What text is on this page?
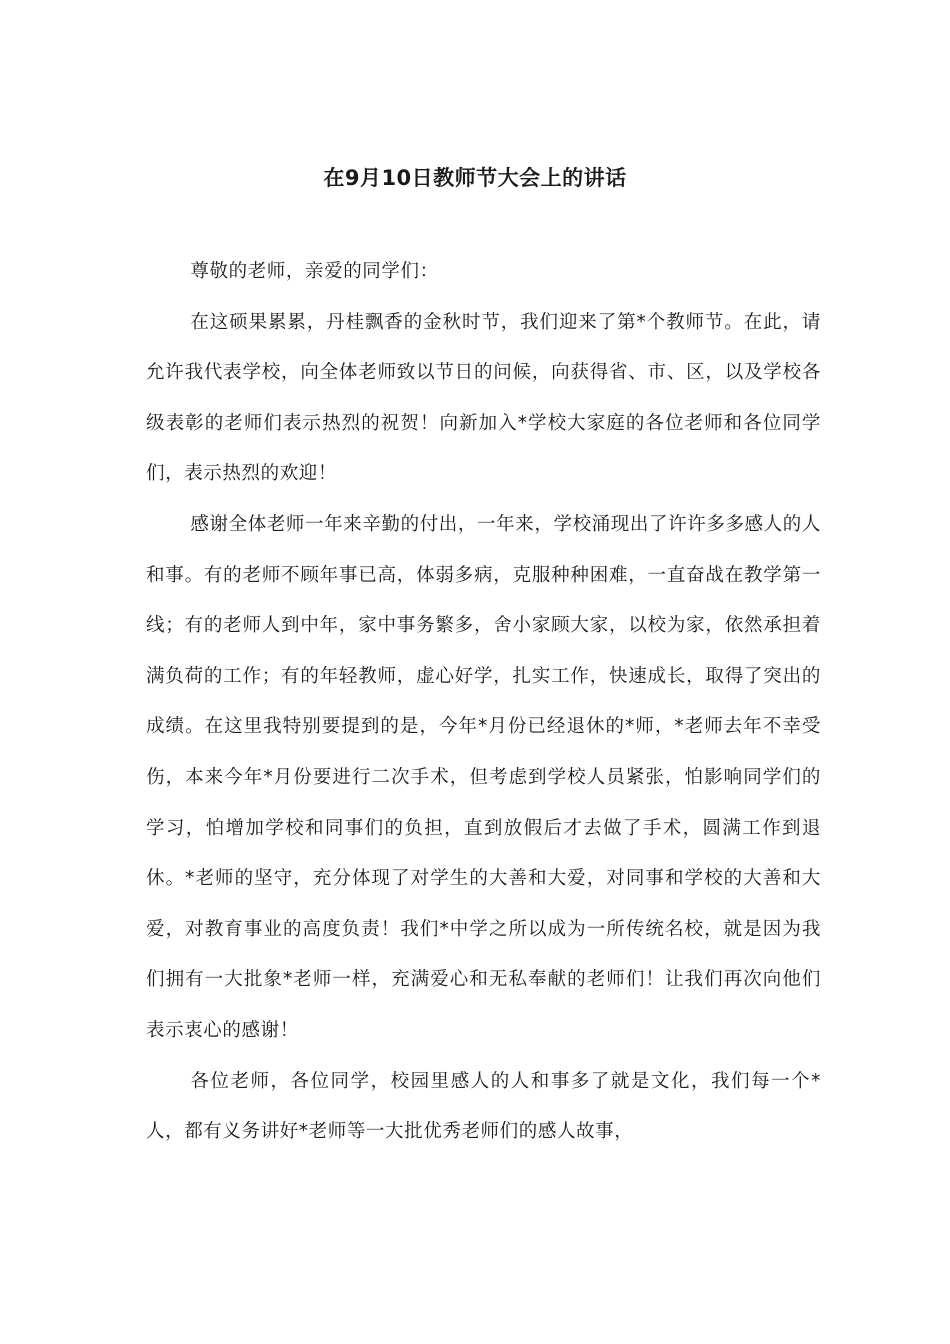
在9月10日教师节大会上的讲话

尊敬的老师，亲爱的同学们：

在这硕果累累，丹桂飘香的金秋时节，我们迎来了第*个教师节。在此，请允许我代表学校，向全体老师致以节日的问候，向获得省、市、区，以及学校各级表彰的老师们表示热烈的祝贺！向新加入*学校大家庭的各位老师和各位同学们，表示热烈的欢迎！

感谢全体老师一年来辛勤的付出，一年来，学校涌现出了许许多多感人的人和事。有的老师不顾年事已高，体弱多病，克服种种困难，一直奋战在教学第一线；有的老师人到中年，家中事务繁多，舍小家顾大家，以校为家，依然承担着满负荷的工作；有的年轻教师，虚心好学，扎实工作，快速成长，取得了突出的成绩。在这里我特别要提到的是，今年*月份已经退休的*师，*老师去年不幸受伤，本来今年*月份要进行二次手术，但考虑到学校人员紧张，怕影响同学们的学习，怕增加学校和同事们的负担，直到放假后才去做了手术，圆满工作到退休。*老师的坚守，充分体现了对学生的大善和大爱，对同事和学校的大善和大爱，对教育事业的高度负责！我们*中学之所以成为一所传统名校，就是因为我们拥有一大批象*老师一样，充满爱心和无私奉献的老师们！让我们再次向他们表示衷心的感谢！

各位老师，各位同学，校园里感人的人和事多了就是文化，我们每一个*人，都有义务讲好*老师等一大批优秀老师们的感人故事，
